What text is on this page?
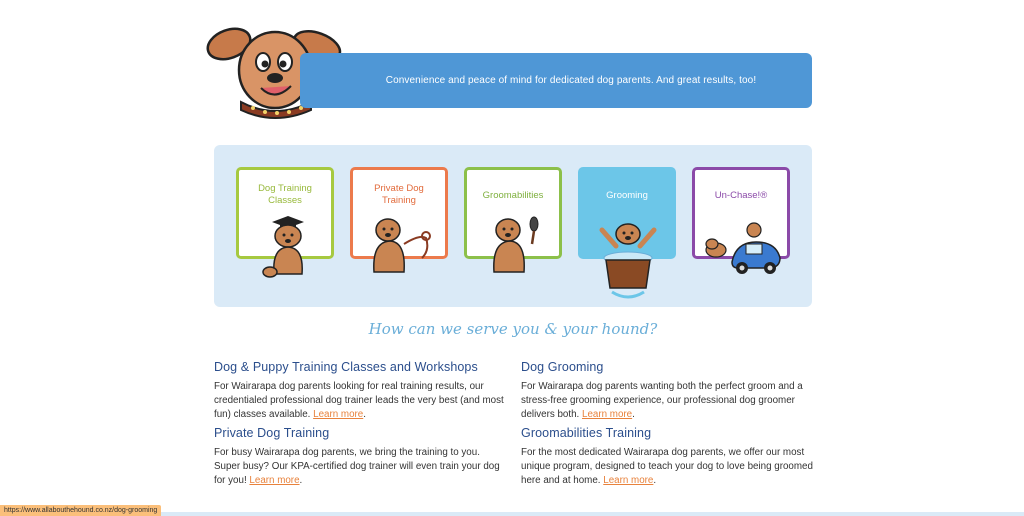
Convenience and peace of mind for dedicated dog parents. And great results, too!
Dog Training Classes
Private Dog Training	Groomabilities	Grooming	Un-Chase!®
How can we serve you & your hound?
Dog & Puppy Training Classes and Workshops

For Wairarapa dog parents looking for real training results, our credentialed professional dog trainer leads the very best (and most fun) classes available. Learn more.

Dog Grooming

For Wairarapa dog parents wanting both the perfect groom and a stress-free grooming experience, our professional dog groomer delivers both. Learn more.

Private Dog Training

For busy Wairarapa dog parents, we bring the training to you. Super busy? Our KPA-certified dog trainer will even train your dog for you! Learn more.

Groomabilities Training

For the most dedicated Wairarapa dog parents, we offer our most unique program, designed to teach your dog to love being groomed here and at home. Learn more.

https://www.allabouthehound.co.nz/dog-grooming
